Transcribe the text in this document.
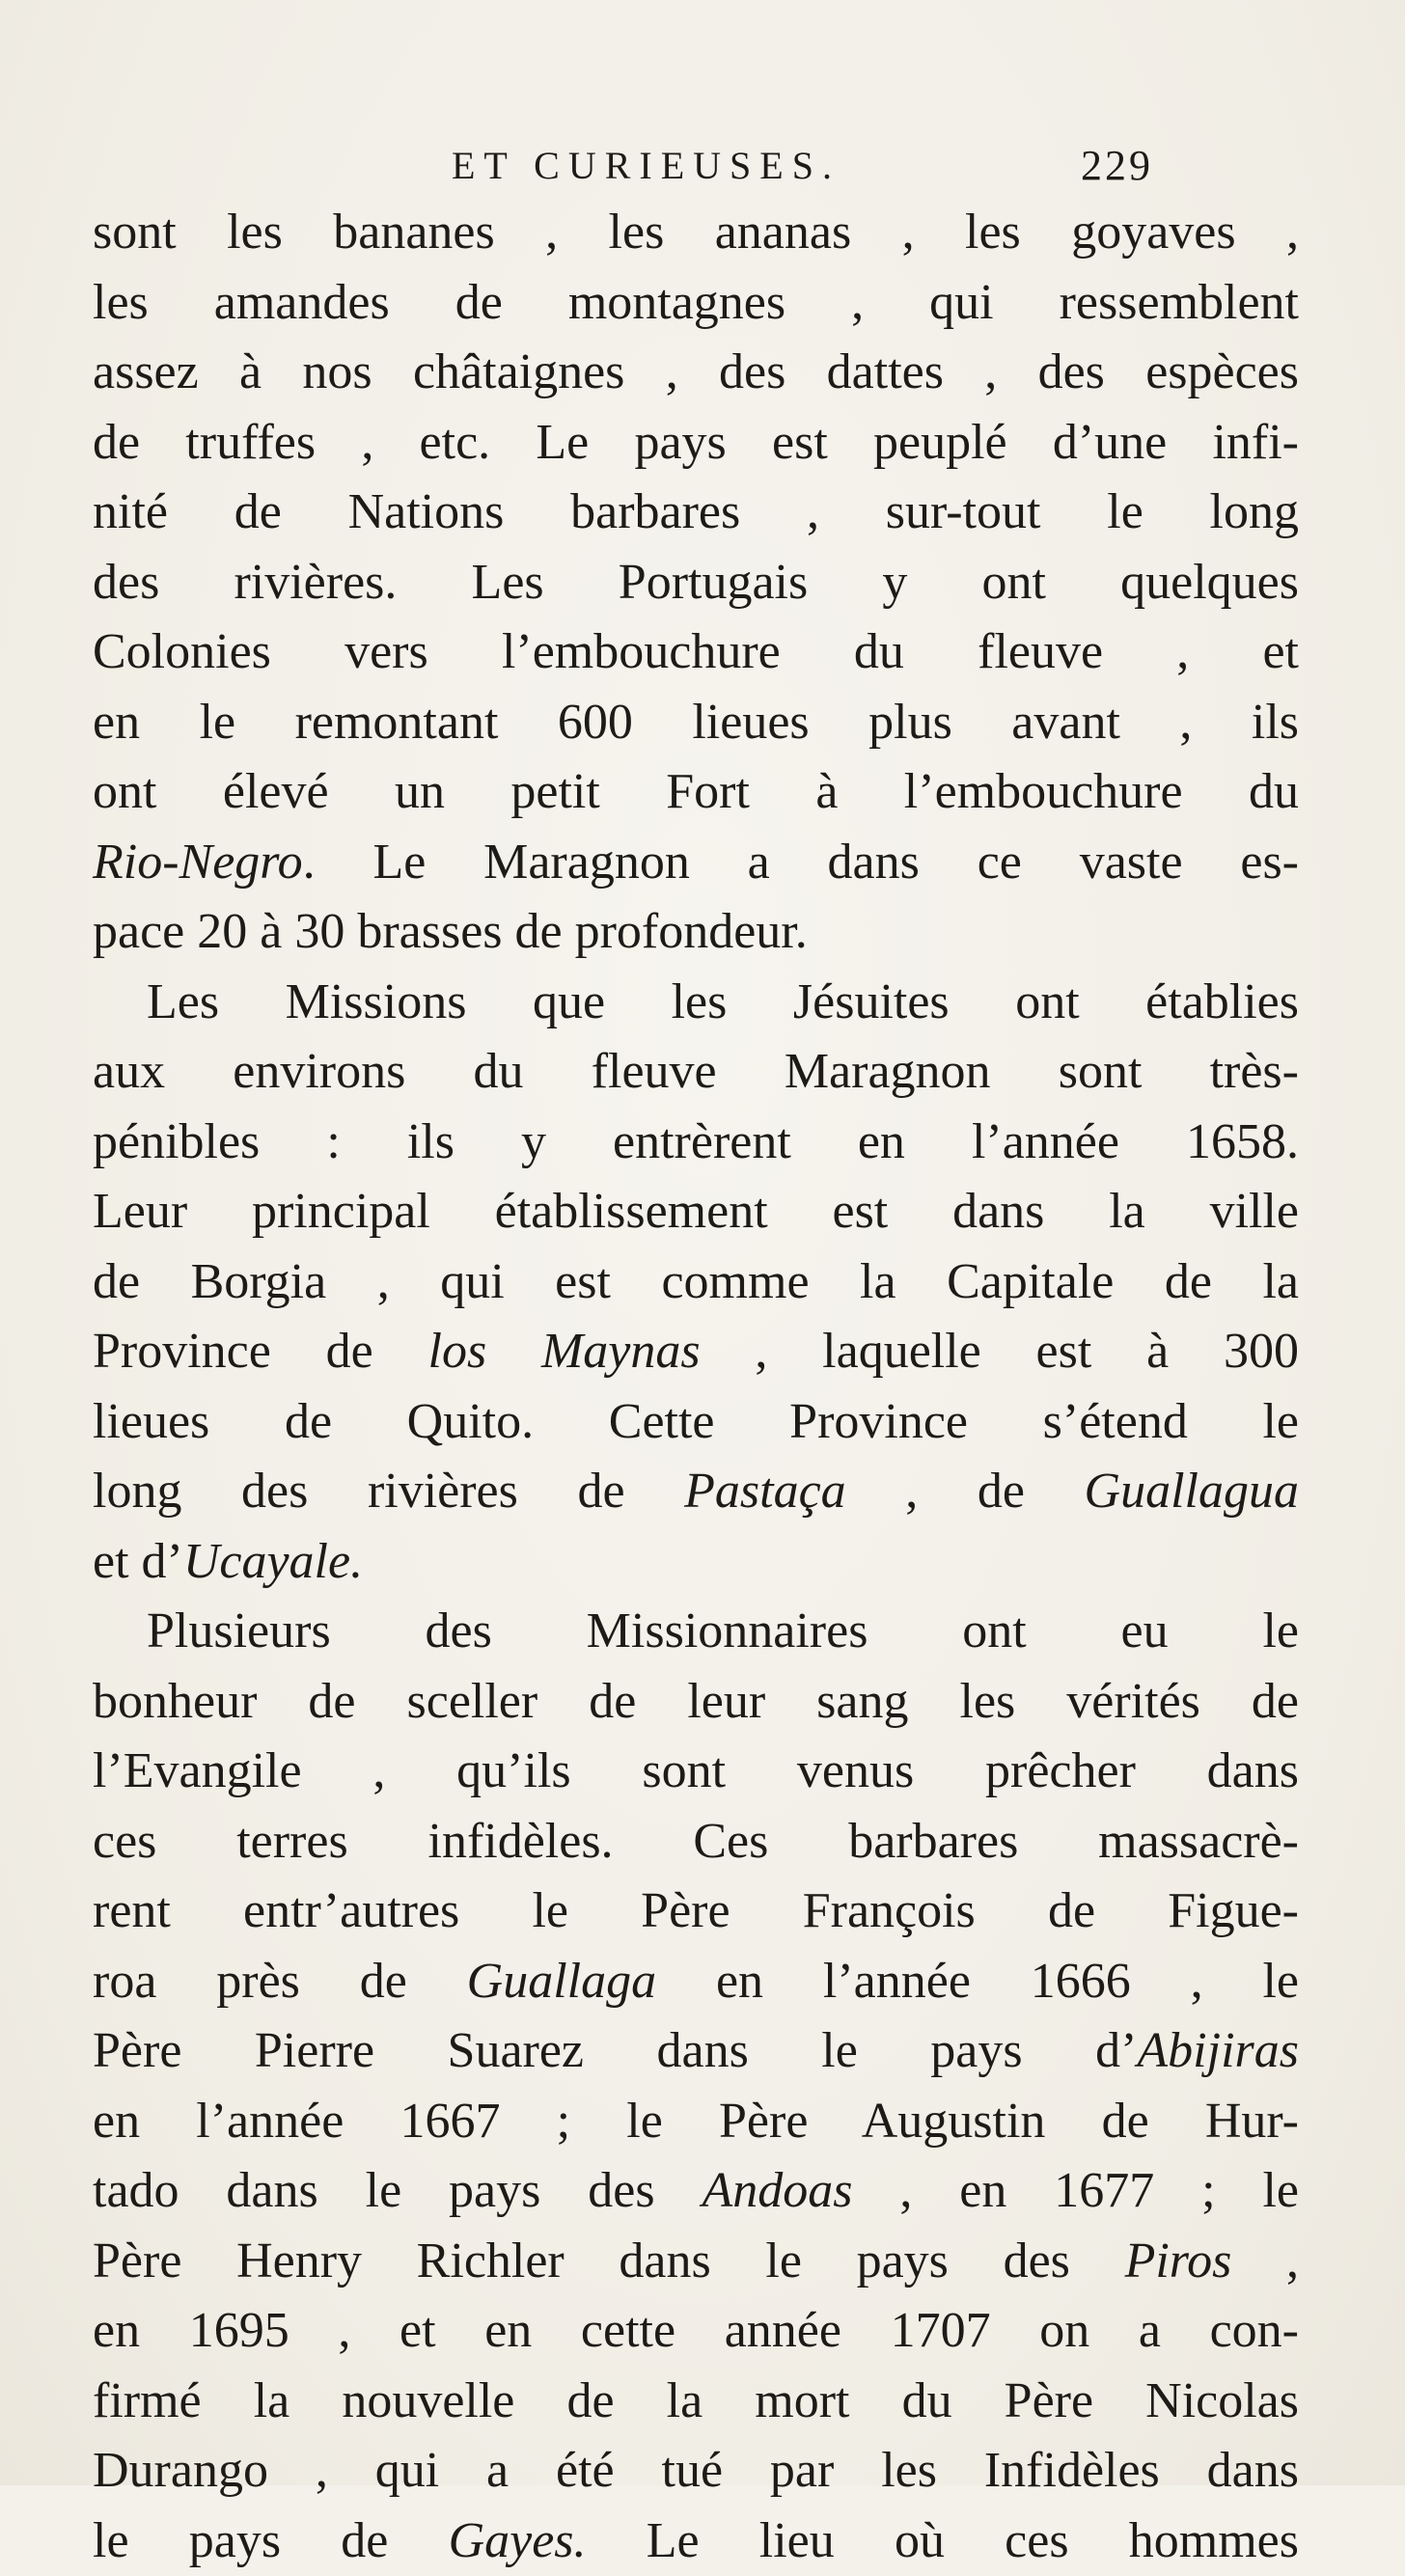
ET CURIEUSES.	229
sont les bananes , les ananas , les goyaves ,
les amandes de montagnes , qui ressemblent
assez à nos châtaignes , des dattes , des espèces
de truffes , etc. Le pays est peuplé d’une infi-
nité de Nations barbares , sur-tout le long
des rivières. Les Portugais y ont quelques
Colonies vers l’embouchure du fleuve , et
en le remontant 600 lieues plus avant , ils
ont élevé un petit Fort à l’embouchure du
Rio-Negro. Le Maragnon a dans ce vaste es-
pace 20 à 30 brasses de profondeur.
Les Missions que les Jésuites ont établies
aux environs du fleuve Maragnon sont très-
pénibles : ils y entrèrent en l’année 1658.
Leur principal établissement est dans la ville
de Borgia , qui est comme la Capitale de la
Province de los Maynas , laquelle est à 300
lieues de Quito. Cette Province s’étend le
long des rivières de Pastaça , de Guallagua
et d’Ucayale.
Plusieurs des Missionnaires ont eu le
bonheur de sceller de leur sang les vérités de
l’Evangile , qu’ils sont venus prêcher dans
ces terres infidèles. Ces barbares massacrè-
rent entr’autres le Père François de Figue-
roa près de Guallaga en l’année 1666 , le
Père Pierre Suarez dans le pays d’Abijiras
en l’année 1667 ; le Père Augustin de Hur-
tado dans le pays des Andoas , en 1677 ; le
Père Henry Richler dans le pays des Piros ,
en 1695 , et en cette année 1707 on a con-
firmé la nouvelle de la mort du Père Nicolas
Durango , qui a été tué par les Infidèles dans
le pays de Gayes. Le lieu où ces hommes
